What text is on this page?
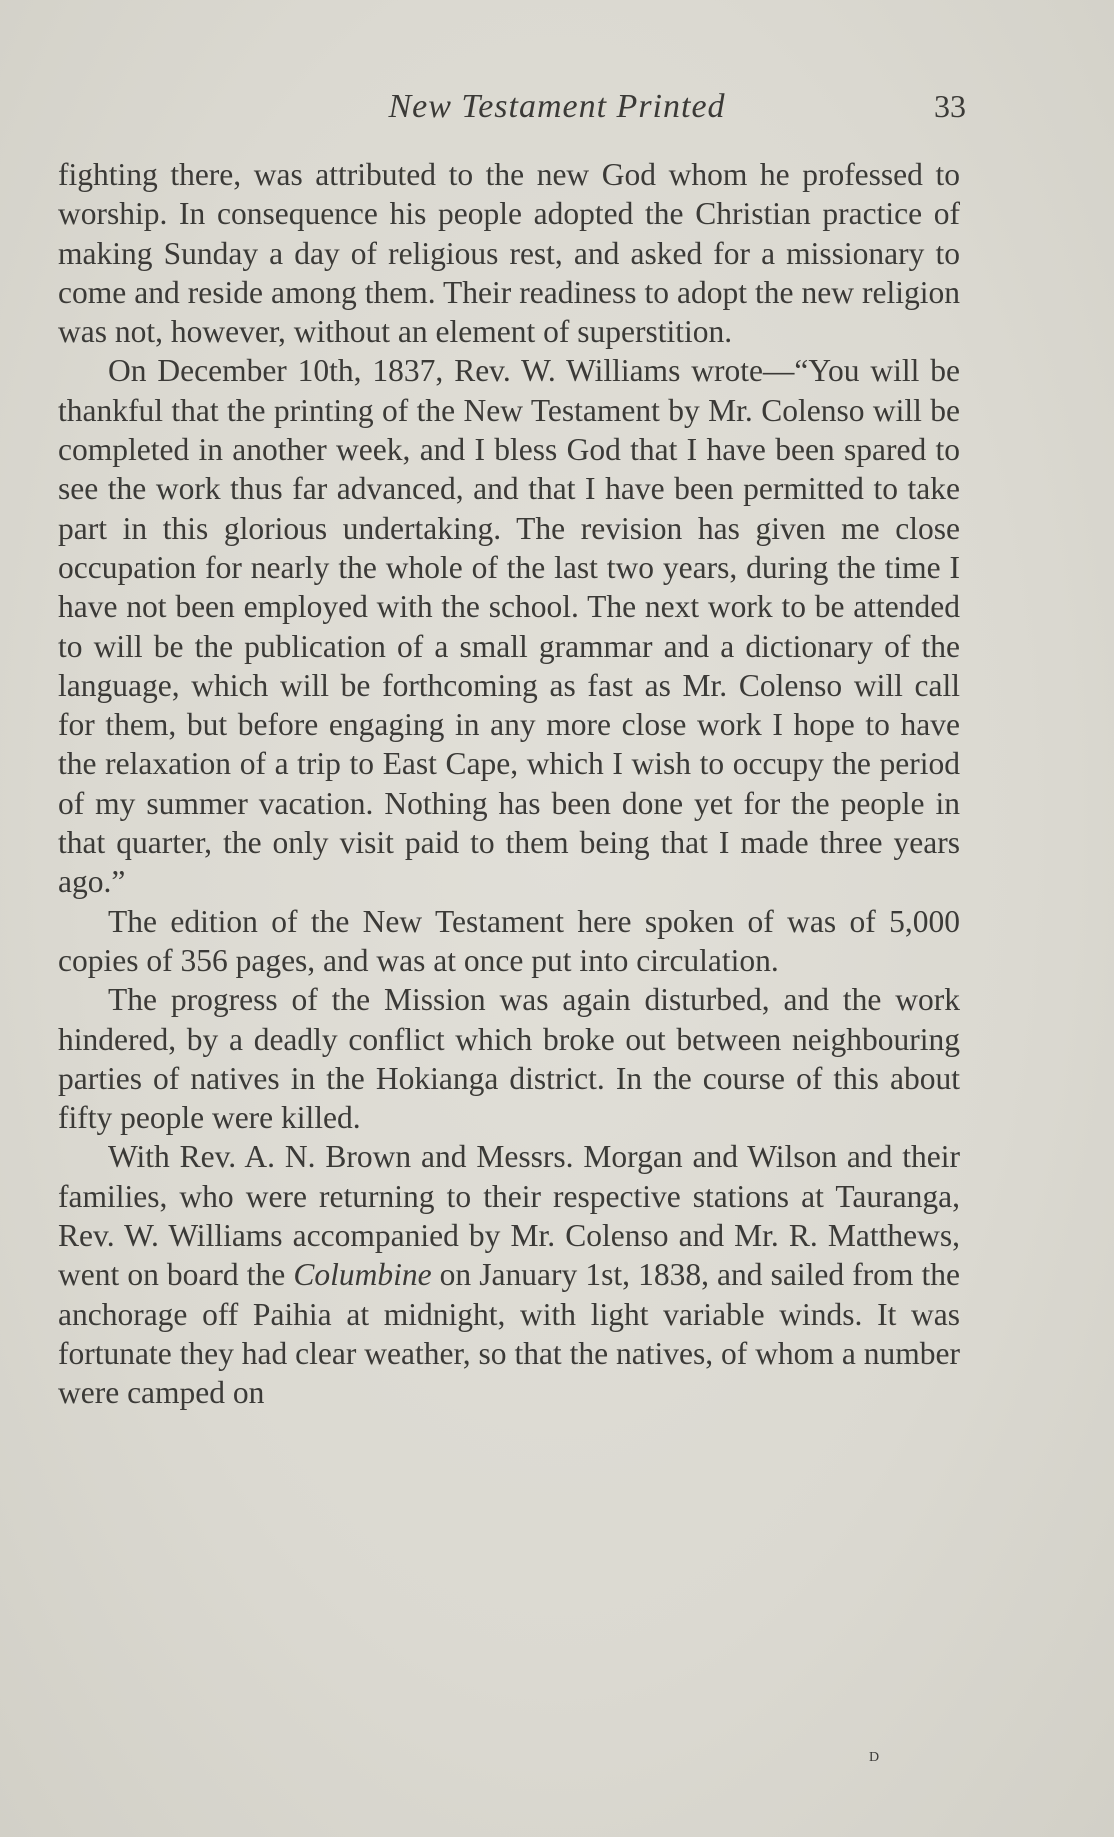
New Testament Printed	33

fighting there, was attributed to the new God whom he professed to worship. In consequence his people adopted the Christian practice of making Sunday a day of religious rest, and asked for a missionary to come and reside among them. Their readiness to adopt the new religion was not, however, without an element of superstition.

On December 10th, 1837, Rev. W. Williams wrote—“You will be thankful that the printing of the New Testament by Mr. Colenso will be completed in another week, and I bless God that I have been spared to see the work thus far advanced, and that I have been permitted to take part in this glorious undertaking. The revision has given me close occupation for nearly the whole of the last two years, during the time I have not been employed with the school. The next work to be attended to will be the publication of a small grammar and a dictionary of the language, which will be forthcoming as fast as Mr. Colenso will call for them, but before engaging in any more close work I hope to have the relaxation of a trip to East Cape, which I wish to occupy the period of my summer vacation. Nothing has been done yet for the people in that quarter, the only visit paid to them being that I made three years ago.”

The edition of the New Testament here spoken of was of 5,000 copies of 356 pages, and was at once put into circulation.

The progress of the Mission was again disturbed, and the work hindered, by a deadly conflict which broke out between neighbouring parties of natives in the Hokianga district. In the course of this about fifty people were killed.

With Rev. A. N. Brown and Messrs. Morgan and Wilson and their families, who were returning to their respective stations at Tauranga, Rev. W. Williams accompanied by Mr. Colenso and Mr. R. Matthews, went on board the Columbine on January 1st, 1838, and sailed from the anchorage off Paihia at midnight, with light variable winds. It was fortunate they had clear weather, so that the natives, of whom a number were camped on

D
